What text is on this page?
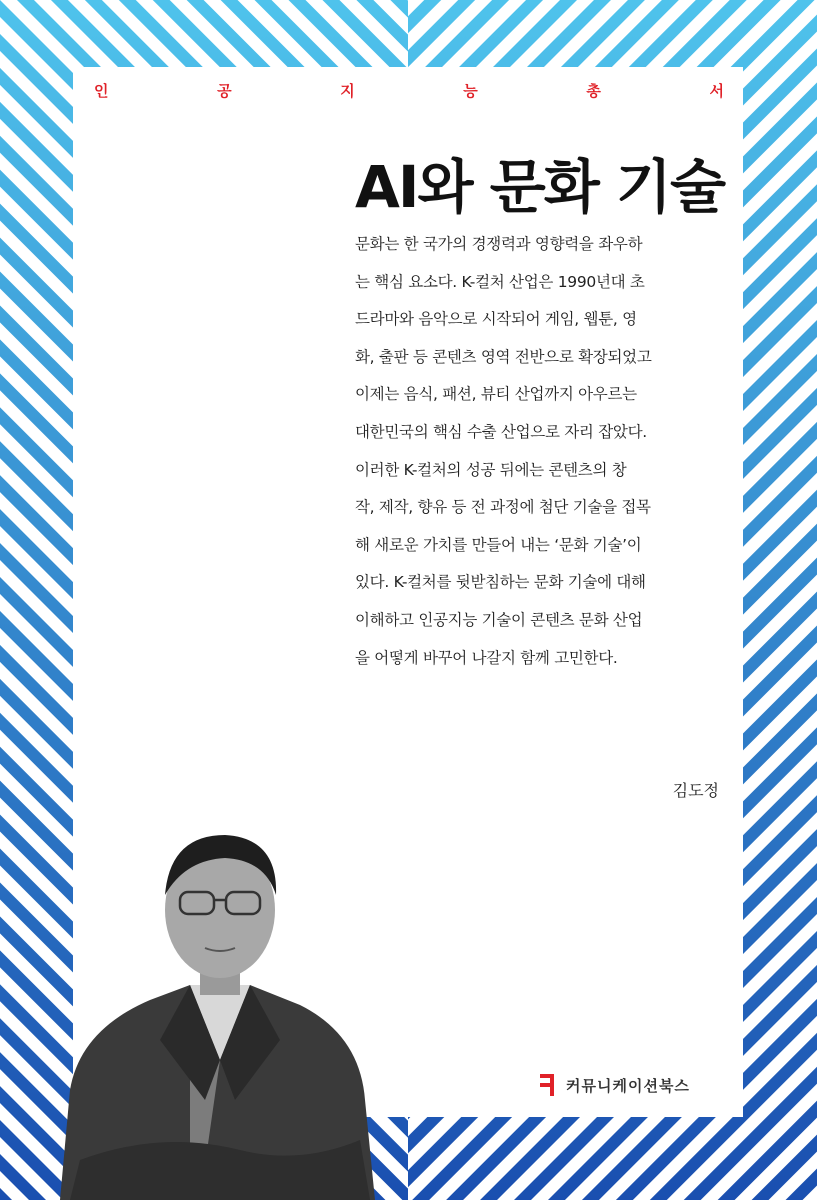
인	공	지	능	총	서
AI와 문화 기술

문화는 한 국가의 경쟁력과 영향력을 좌우하

는 핵심 요소다. K-컬처 산업은 1990년대 초

드라마와 음악으로 시작되어 게임, 웹툰, 영

화, 출판 등 콘텐츠 영역 전반으로 확장되었고

이제는 음식, 패션, 뷰티 산업까지 아우르는

대한민국의 핵심 수출 산업으로 자리 잡았다.

이러한 K-컬처의 성공 뒤에는 콘텐츠의 창

작, 제작, 향유 등 전 과정에 첨단 기술을 접목

해 새로운 가치를 만들어 내는 ‘문화 기술’이

있다. K-컬처를 뒷받침하는 문화 기술에 대해

이해하고 인공지능 기술이 콘텐츠 문화 산업

을 어떻게 바꾸어 나갈지 함께 고민한다.

김도정
커뮤니케이션북스
